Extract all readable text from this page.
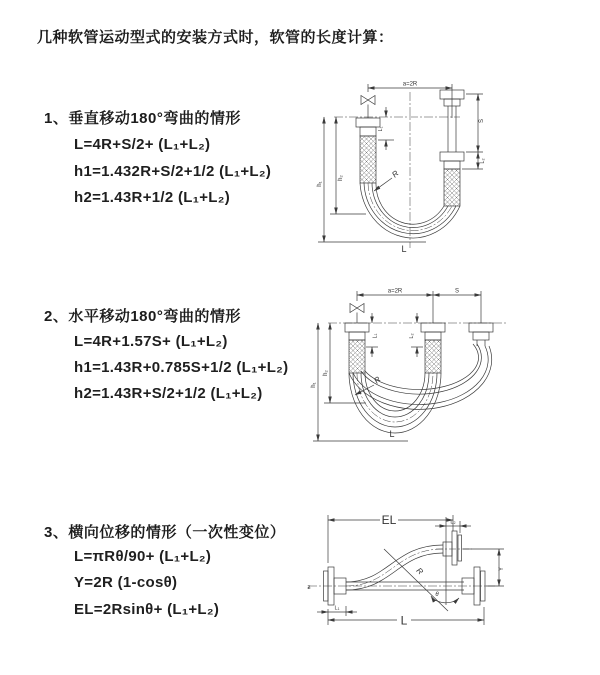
几种软管运动型式的安装方式时，软管的长度计算：
1、垂直移动180°弯曲的情形
L=4R+S/2+ (L₁+L₂)
h1=1.432R+S/2+1/2 (L₁+L₂)
h2=1.43R+1/2 (L₁+L₂)
2、水平移动180°弯曲的情形
L=4R+1.57S+ (L₁+L₂)
h1=1.43R+0.785S+1/2 (L₁+L₂)
h2=1.43R+S/2+1/2 (L₁+L₂)
3、横向位移的情形（一次性变位）
L=πRθ/90+ (L₁+L₂)
Y=2R (1-cosθ)
EL=2Rsinθ+ (L₁+L₂)
a=2R
h₁
h₂
L₁
S
L₂
R
L
a=2R	S
h₁
h₂
L₁	L₂
R
L
EL	L₂
R
θ
Y
L
L₁
ƶ
